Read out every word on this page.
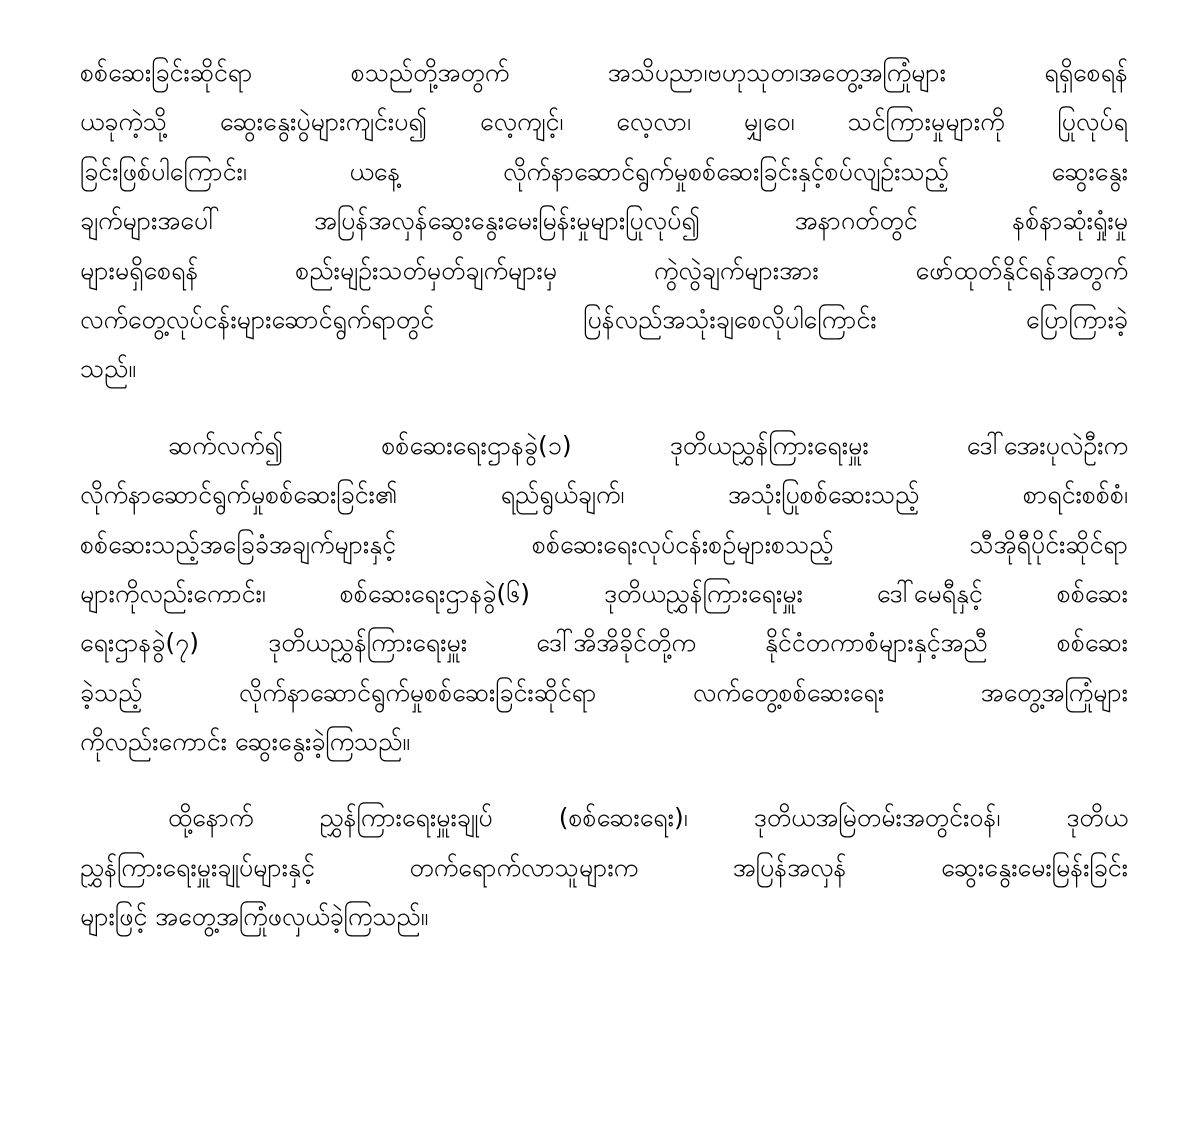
စစ်ဆေးခြင်းဆိုင်ရာ စသည်တို့အတွက် အသိပညာ၊ဗဟုသုတ၊အတွေ့အကြုံများ ရရှိစေရန်
ယခုကဲ့သို့ ဆွေးနွေးပွဲများကျင်းပ၍ လေ့ကျင့်၊ လေ့လာ၊ မျှဝေ၊ သင်ကြားမှုများကို ပြုလုပ်ရ
ခြင်းဖြစ်ပါကြောင်း၊ ယနေ့ လိုက်နာဆောင်ရွက်မှုစစ်ဆေးခြင်းနှင့်စပ်လျဉ်းသည့် ဆွေးနွေး
ချက်များအပေါ် အပြန်အလှန်ဆွေးနွေးမေးမြန်းမှုများပြုလုပ်၍ အနာဂတ်တွင် နစ်နာဆုံးရှုံးမှု
များမရှိစေရန် စည်းမျဉ်းသတ်မှတ်ချက်များမှ ကွဲလွဲချက်များအား ဖော်ထုတ်နိုင်ရန်အတွက်
လက်တွေ့လုပ်ငန်းများဆောင်ရွက်ရာတွင် ပြန်လည်အသုံးချစေလိုပါကြောင်း ပြောကြားခဲ့
သည်။
ဆက်လက်၍ စစ်ဆေးရေးဌာနခွဲ(၁) ဒုတိယညွှန်ကြားရေးမှူး ဒေါ်အေးပုလဲဦးက
လိုက်နာဆောင်ရွက်မှုစစ်ဆေးခြင်း၏ ရည်ရွယ်ချက်၊ အသုံးပြုစစ်ဆေးသည့် စာရင်းစစ်စံ၊
စစ်ဆေးသည့်အခြေခံအချက်များနှင့် စစ်ဆေးရေးလုပ်ငန်းစဉ်များစသည့် သီအိုရီပိုင်းဆိုင်ရာ
များကိုလည်းကောင်း၊ စစ်ဆေးရေးဌာနခွဲ(၆) ဒုတိယညွှန်ကြားရေးမှူး ဒေါ်မေရီနှင့် စစ်ဆေး
ရေးဌာနခွဲ(၇) ဒုတိယညွှန်ကြားရေးမှူး ဒေါ်အိအိခိုင်တို့က နိုင်ငံတကာစံများနှင့်အညီ စစ်ဆေး
ခဲ့သည့် လိုက်နာဆောင်ရွက်မှုစစ်ဆေးခြင်းဆိုင်ရာ လက်တွေ့စစ်ဆေးရေး အတွေ့အကြုံများ
ကိုလည်းကောင်း ဆွေးနွေးခဲ့ကြသည်။
ထို့နောက် ညွှန်ကြားရေးမှူးချုပ် (စစ်ဆေးရေး)၊ ဒုတိယအမြဲတမ်းအတွင်းဝန်၊ ဒုတိယ
ညွှန်ကြားရေးမှူးချုပ်များနှင့် တက်ရောက်လာသူများက အပြန်အလှန် ဆွေးနွေးမေးမြန်းခြင်း
များဖြင့် အတွေ့အကြုံဖလှယ်ခဲ့ကြသည်။
